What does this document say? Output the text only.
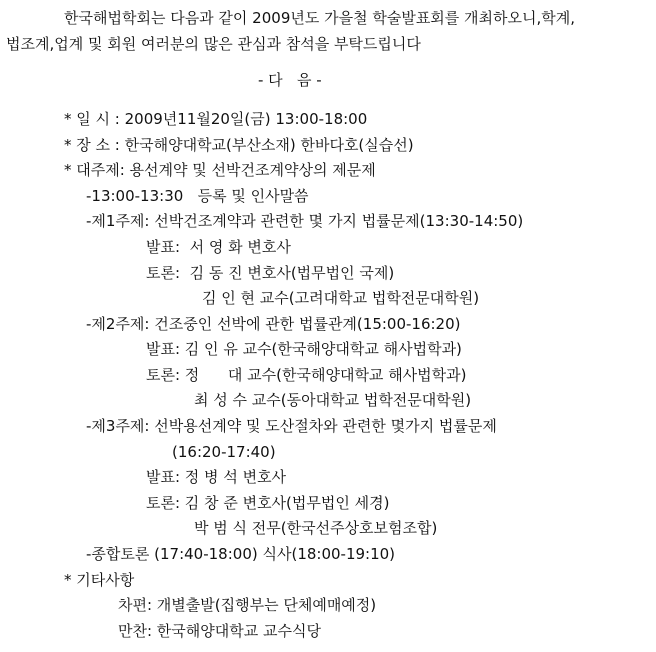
한국해법학회는 다음과 같이 2009년도 가을철 학술발표회를 개최하오니,학계,
법조계,업계 및 회원 여러분의 많은 관심과 참석을 부탁드립니다
- 다   음 -
* 일 시 : 2009년11월20일(금) 13:00-18:00
* 장 소 : 한국해양대학교(부산소재) 한바다호(실습선)
* 대주제: 용선계약 및 선박건조계약상의 제문제
-13:00-13:30   등록 및 인사말씀
-제1주제: 선박건조계약과 관련한 몇 가지 법률문제(13:30-14:50)
발표:  서 영 화 변호사
토론:  김 동 진 변호사(법무법인 국제)
김 인 현 교수(고려대학교 법학전문대학원)
-제2주제: 건조중인 선박에 관한 법률관계(15:00-16:20)
발표: 김 인 유 교수(한국해양대학교 해사법학과)
토론: 정      대 교수(한국해양대학교 해사법학과)
최 성 수 교수(동아대학교 법학전문대학원)
-제3주제: 선박용선계약 및 도산절차와 관련한 몇가지 법률문제
(16:20-17:40)
발표: 정 병 석 변호사
토론: 김 창 준 변호사(법무법인 세경)
박 범 식 전무(한국선주상호보험조합)
-종합토론 (17:40-18:00) 식사(18:00-19:10)
* 기타사항
차편: 개별출발(집행부는 단체예매예정)
만찬: 한국해양대학교 교수식당
